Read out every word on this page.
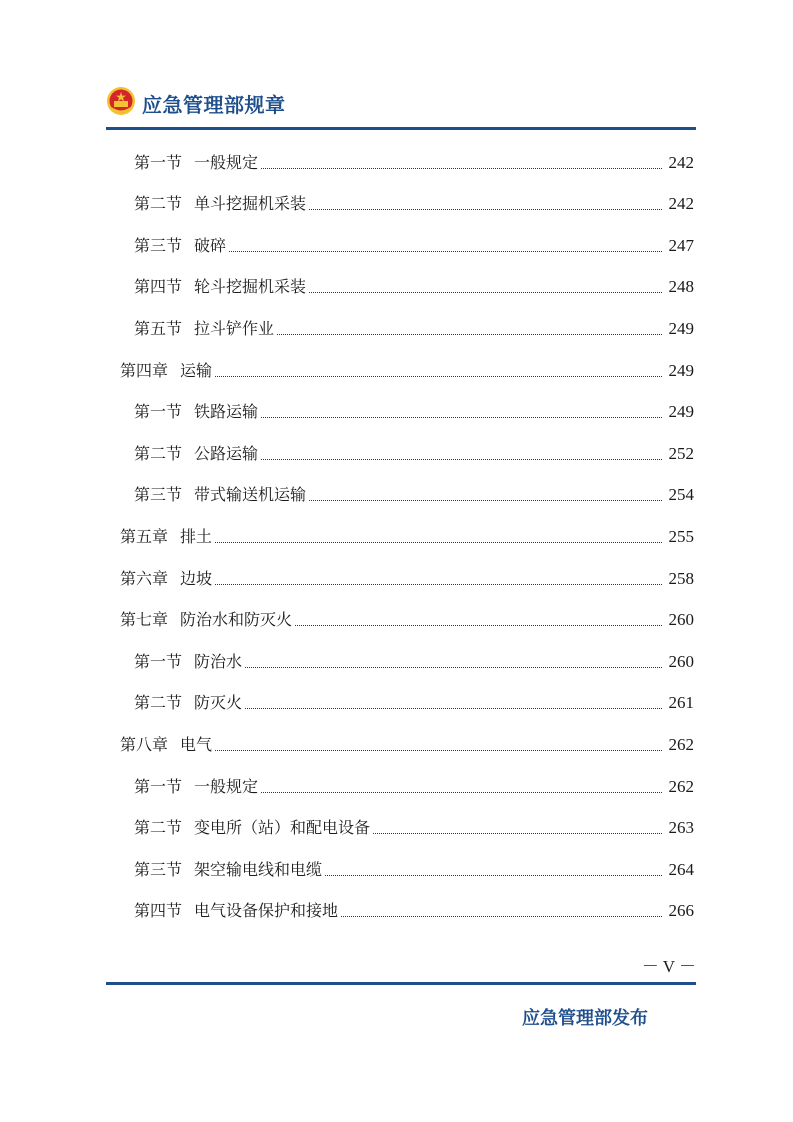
应急管理部规章
第一节 一般规定	242
第二节 单斗挖掘机采装	242
第三节 破碎	247
第四节 轮斗挖掘机采装	248
第五节 拉斗铲作业	249
第四章 运输	249
第一节 铁路运输	249
第二节 公路运输	252
第三节 带式输送机运输	254
第五章 排土	255
第六章 边坡	258
第七章 防治水和防灭火	260
第一节 防治水	260
第二节 防灭火	261
第八章 电气	262
第一节 一般规定	262
第二节 变电所（站）和配电设备	263
第三节 架空输电线和电缆	264
第四节 电气设备保护和接地	266
－ V －
应急管理部发布
